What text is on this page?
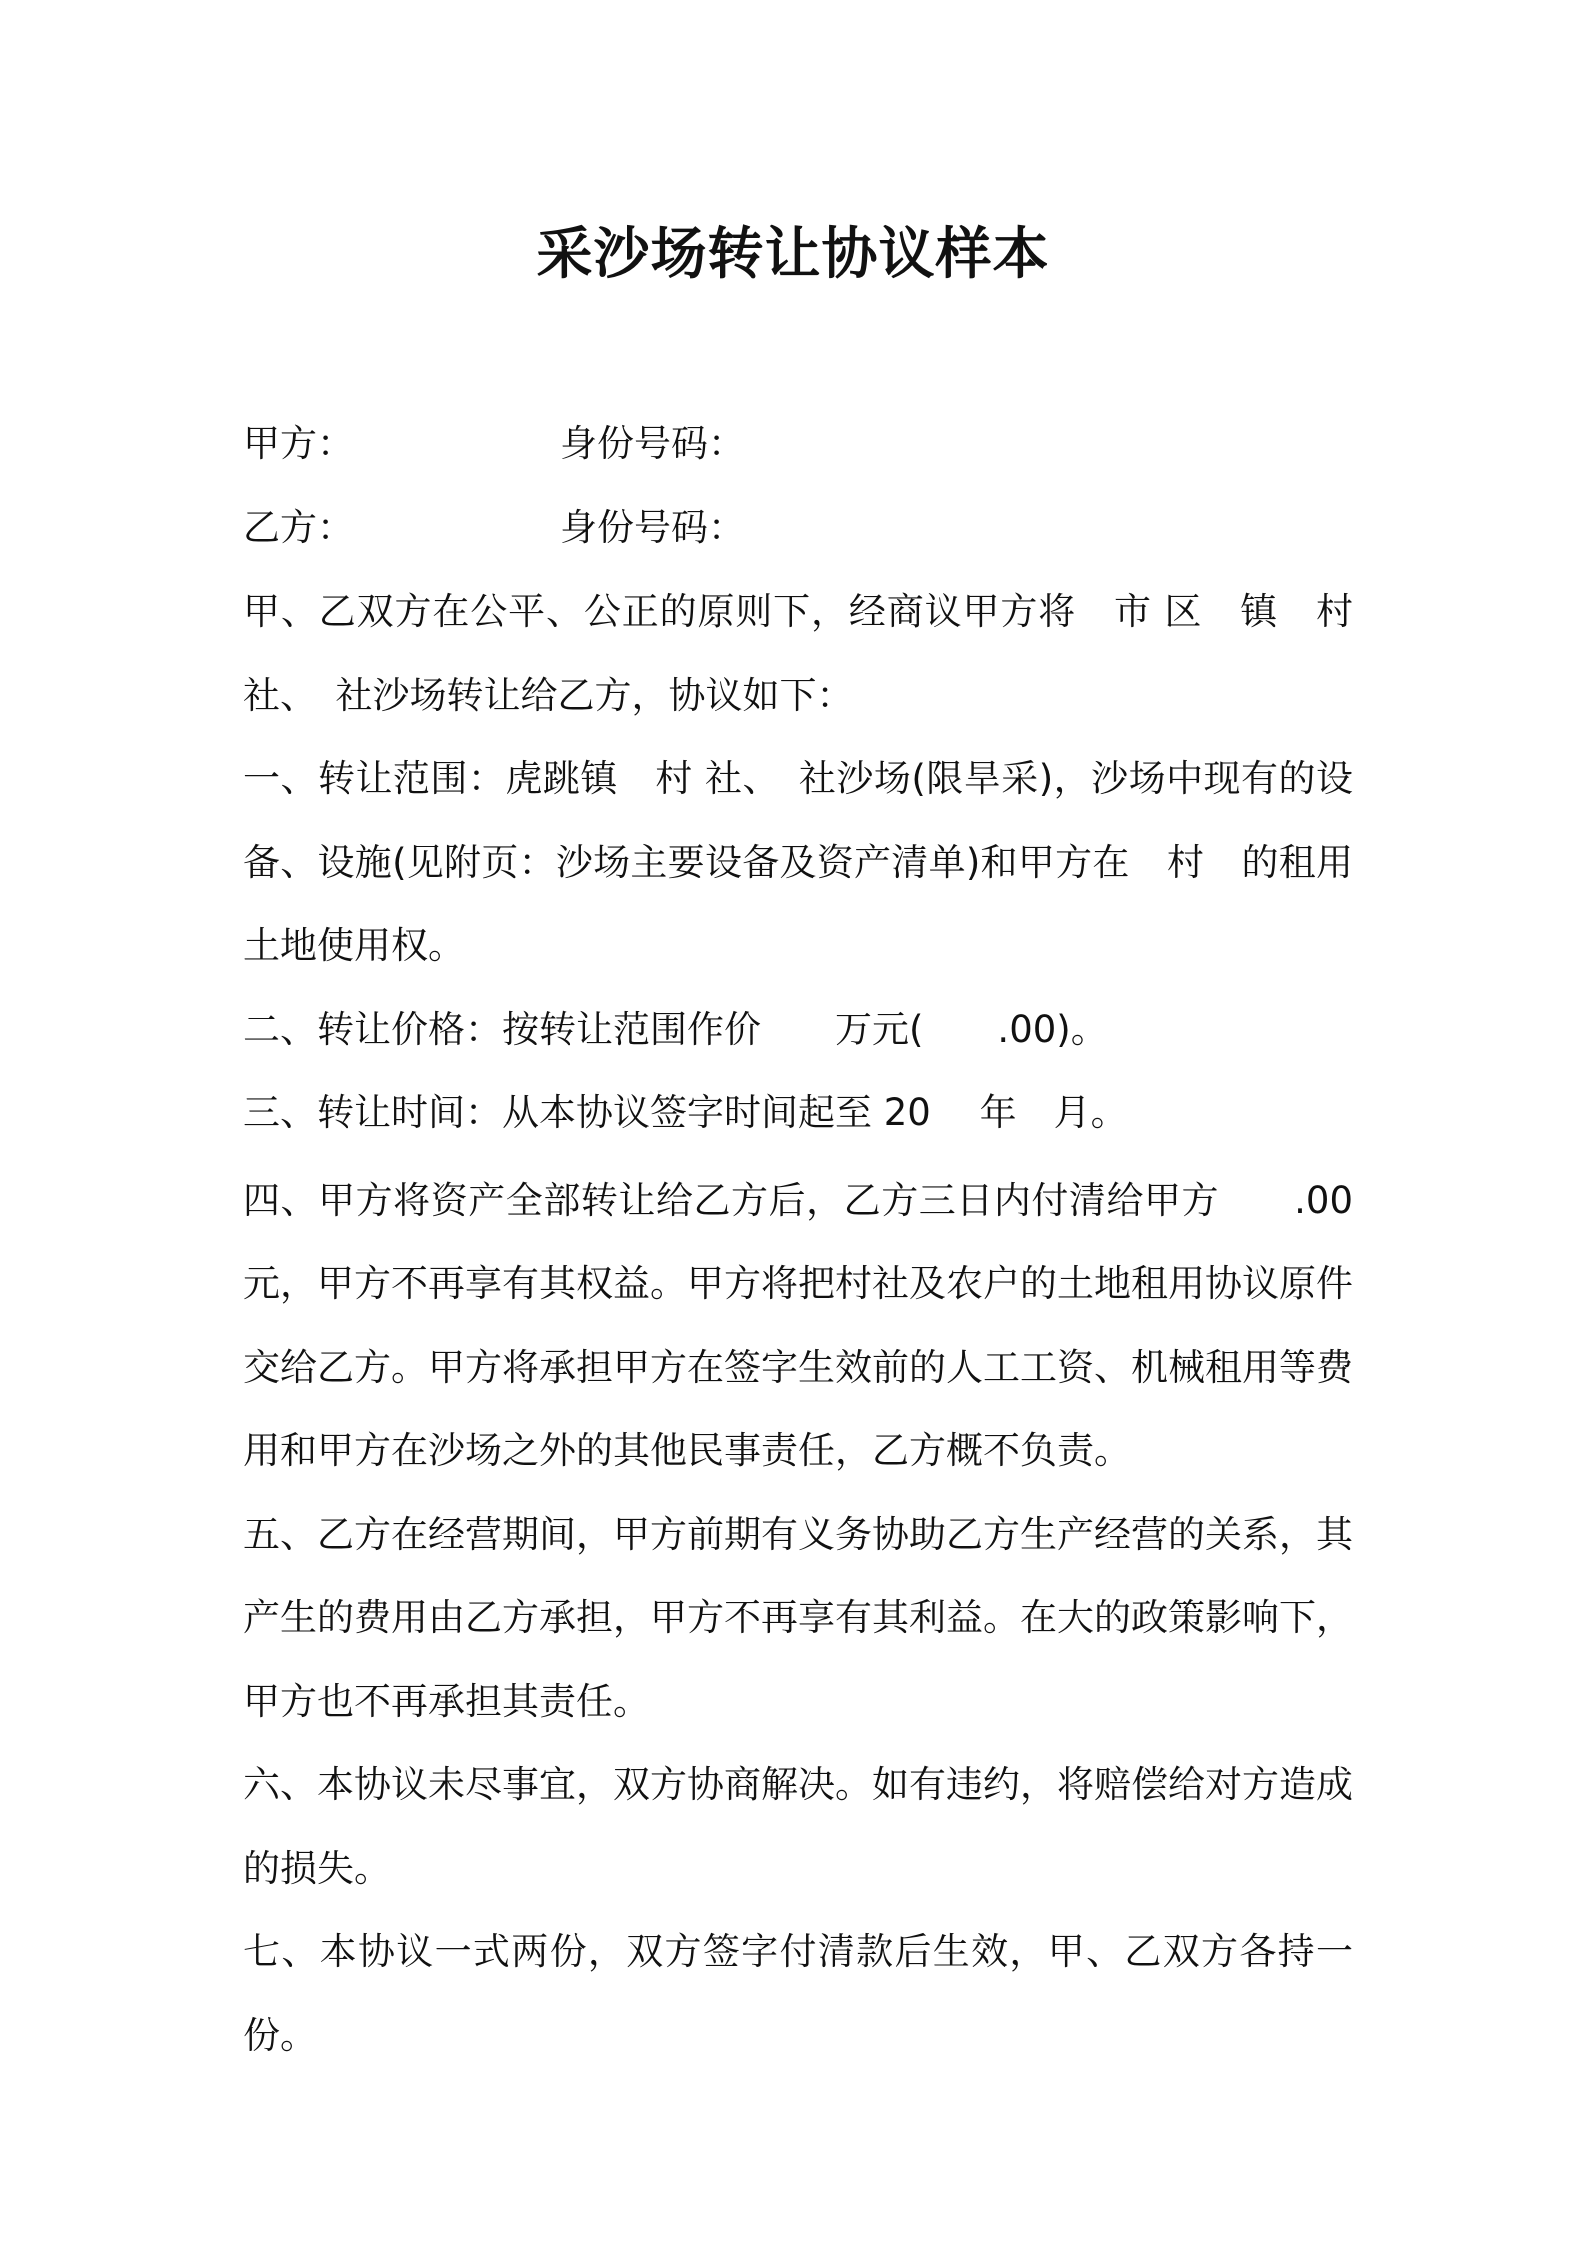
采沙场转让协议样本
甲方：	身份号码：
乙方：	身份号码：

甲、乙双方在公平、公正的原则下，经商议甲方将　市 区　镇　村社、　社沙场转让给乙方，协议如下：

一、转让范围：虎跳镇　村 社、　社沙场(限旱采)，沙场中现有的设备、设施(见附页：沙场主要设备及资产清单)和甲方在　村　的租用土地使用权。

二、转让价格：按转让范围作价　　万元(　　.00)。

三、转让时间：从本协议签字时间起至 20　 年　月。

四、甲方将资产全部转让给乙方后，乙方三日内付清给甲方　　.00元，甲方不再享有其权益。甲方将把村社及农户的土地租用协议原件交给乙方。甲方将承担甲方在签字生效前的人工工资、机械租用等费用和甲方在沙场之外的其他民事责任，乙方概不负责。

五、乙方在经营期间，甲方前期有义务协助乙方生产经营的关系，其产生的费用由乙方承担，甲方不再享有其利益。在大的政策影响下，甲方也不再承担其责任。

六、本协议未尽事宜，双方协商解决。如有违约，将赔偿给对方造成的损失。

七、本协议一式两份，双方签字付清款后生效，甲、乙双方各持一份。
